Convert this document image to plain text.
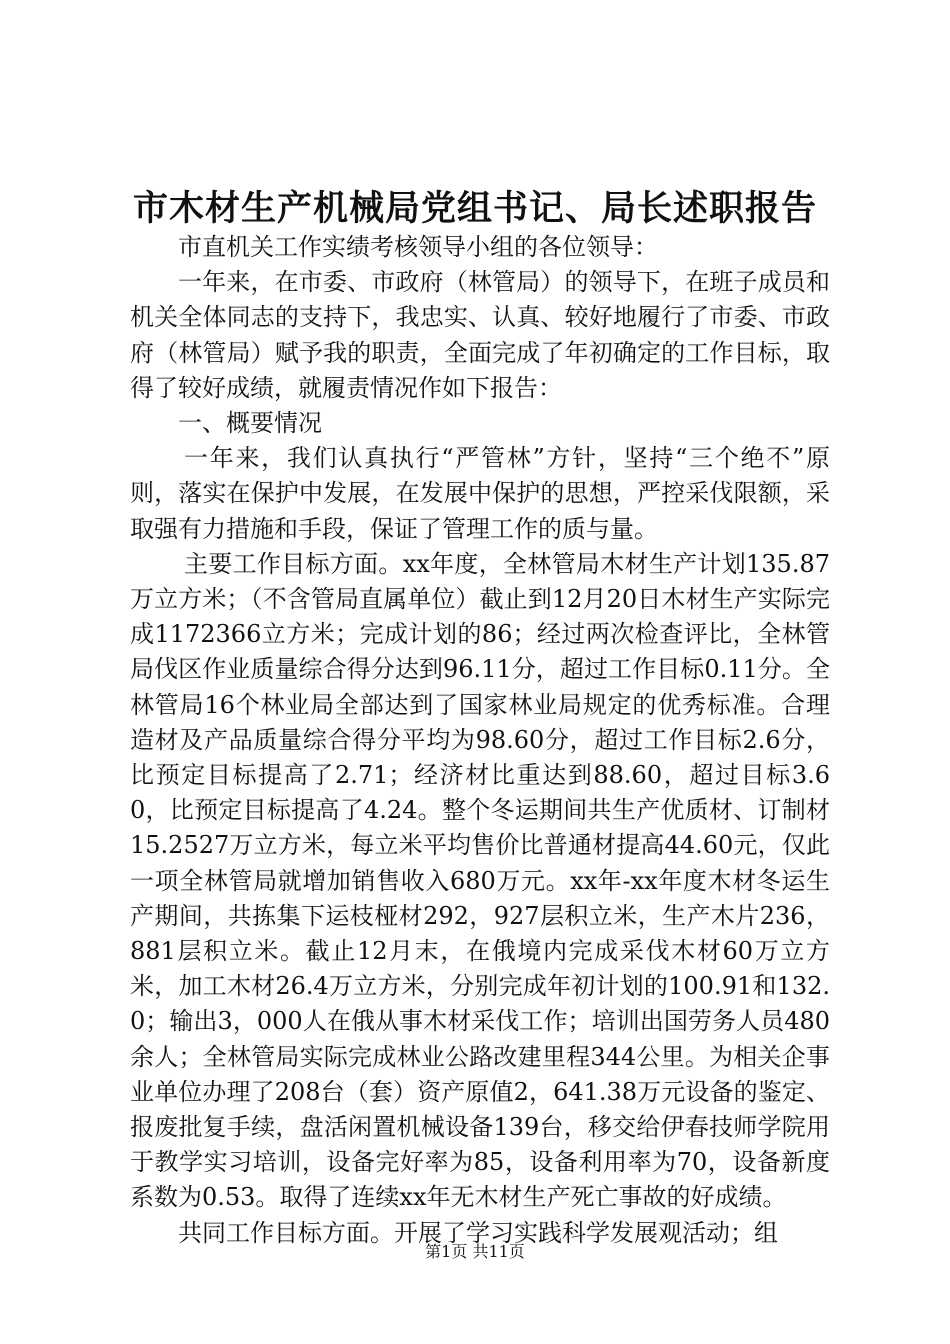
市木材生产机械局党组书记、局长述职报告

市直机关工作实绩考核领导小组的各位领导：

一年来，在市委、市政府（林管局）的领导下，在班子成员和机关全体同志的支持下，我忠实、认真、较好地履行了市委、市政府（林管局）赋予我的职责，全面完成了年初确定的工作目标，取得了较好成绩，就履责情况作如下报告：

一、概要情况

一年来，我们认真执行“严管林”方针，坚持“三个绝不”原则，落实在保护中发展，在发展中保护的思想，严控采伐限额，采取强有力措施和手段，保证了管理工作的质与量。

主要工作目标方面。xx年度，全林管局木材生产计划135.87万立方米；（不含管局直属单位）截止到12月20日木材生产实际完成1172366立方米；完成计划的86；经过两次检查评比，全林管局伐区作业质量综合得分达到96.11分，超过工作目标0.11分。全林管局16个林业局全部达到了国家林业局规定的优秀标准。合理造材及产品质量综合得分平均为98.60分，超过工作目标2.6分，比预定目标提高了2.71；经济材比重达到88.60，超过目标3.60，比预定目标提高了4.24。整个冬运期间共生产优质材、订制材15.2527万立方米，每立米平均售价比普通材提高44.60元，仅此一项全林管局就增加销售收入680万元。xx年-xx年度木材冬运生产期间，共拣集下运枝桠材292，927层积立米，生产木片236，881层积立米。截止12月末，在俄境内完成采伐木材60万立方米，加工木材26.4万立方米，分别完成年初计划的100.91和132.0；输出3，000人在俄从事木材采伐工作；培训出国劳务人员480余人；全林管局实际完成林业公路改建里程344公里。为相关企事业单位办理了208台（套）资产原值2，641.38万元设备的鉴定、报废批复手续，盘活闲置机械设备139台，移交给伊春技师学院用于教学实习培训，设备完好率为85，设备利用率为70，设备新度系数为0.53。取得了连续xx年无木材生产死亡事故的好成绩。

共同工作目标方面。开展了学习实践科学发展观活动；组

第1页 共11页
